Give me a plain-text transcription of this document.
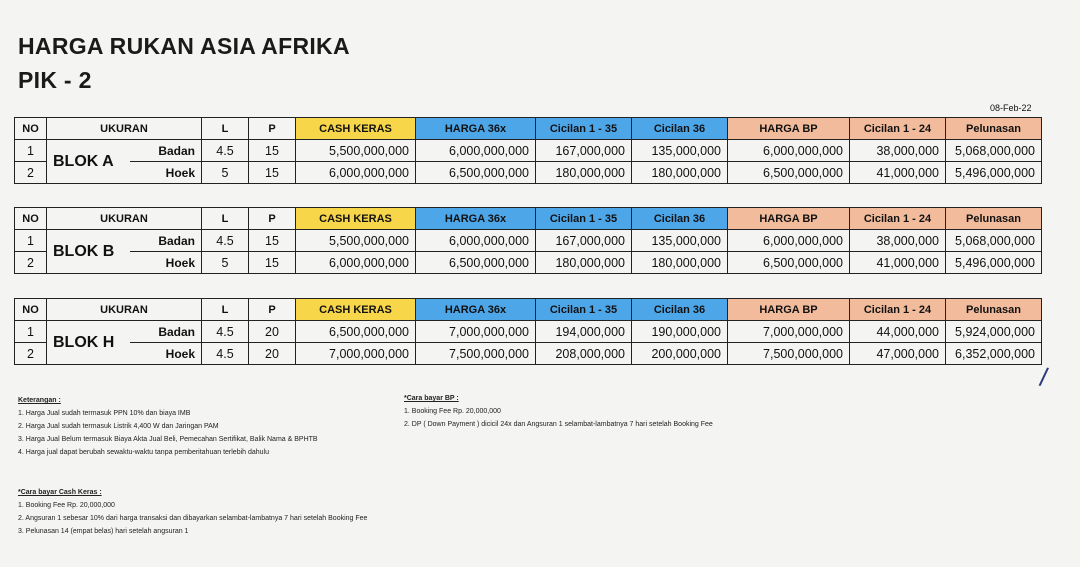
HARGA RUKAN ASIA AFRIKA
PIK - 2
08-Feb-22
NO	UKURAN		L	P	CASH KERAS	HARGA 36x	Cicilan 1 - 35	Cicilan 36	HARGA BP	Cicilan 1 - 24	Pelunasan
1	BLOK A	Badan	4.5	15	5,500,000,000	6,000,000,000	167,000,000	135,000,000	6,000,000,000	38,000,000	5,068,000,000
2		Hoek	5	15	6,000,000,000	6,500,000,000	180,000,000	180,000,000	6,500,000,000	41,000,000	5,496,000,000
NO	UKURAN		L	P	CASH KERAS	HARGA 36x	Cicilan 1 - 35	Cicilan 36	HARGA BP	Cicilan 1 - 24	Pelunasan
1	BLOK B	Badan	4.5	15	5,500,000,000	6,000,000,000	167,000,000	135,000,000	6,000,000,000	38,000,000	5,068,000,000
2		Hoek	5	15	6,000,000,000	6,500,000,000	180,000,000	180,000,000	6,500,000,000	41,000,000	5,496,000,000
NO	UKURAN		L	P	CASH KERAS	HARGA 36x	Cicilan 1 - 35	Cicilan 36	HARGA BP	Cicilan 1 - 24	Pelunasan
1	BLOK H	Badan	4.5	20	6,500,000,000	7,000,000,000	194,000,000	190,000,000	7,000,000,000	44,000,000	5,924,000,000
2		Hoek	4.5	20	7,000,000,000	7,500,000,000	208,000,000	200,000,000	7,500,000,000	47,000,000	6,352,000,000
Keterangan :
1. Harga Jual sudah termasuk PPN 10% dan biaya IMB
2. Harga Jual sudah termasuk Listrik 4,400 W dan Jaringan PAM
3. Harga Jual Belum termasuk Biaya Akta Jual Beli, Pemecahan Sertifikat, Balik Nama & BPHTB
4. Harga jual dapat berubah sewaktu-waktu tanpa pemberitahuan terlebih dahulu
*Cara bayar BP :
1. Booking Fee Rp. 20,000,000
2. DP ( Down Payment ) dicicil 24x dan Angsuran 1 selambat-lambatnya 7 hari setelah Booking Fee
*Cara bayar Cash Keras :
1. Booking Fee Rp. 20,000,000
2. Angsuran 1 sebesar 10% dari harga transaksi dan dibayarkan selambat-lambatnya 7 hari setelah Booking Fee
3. Pelunasan 14 (empat belas) hari setelah angsuran 1
/
